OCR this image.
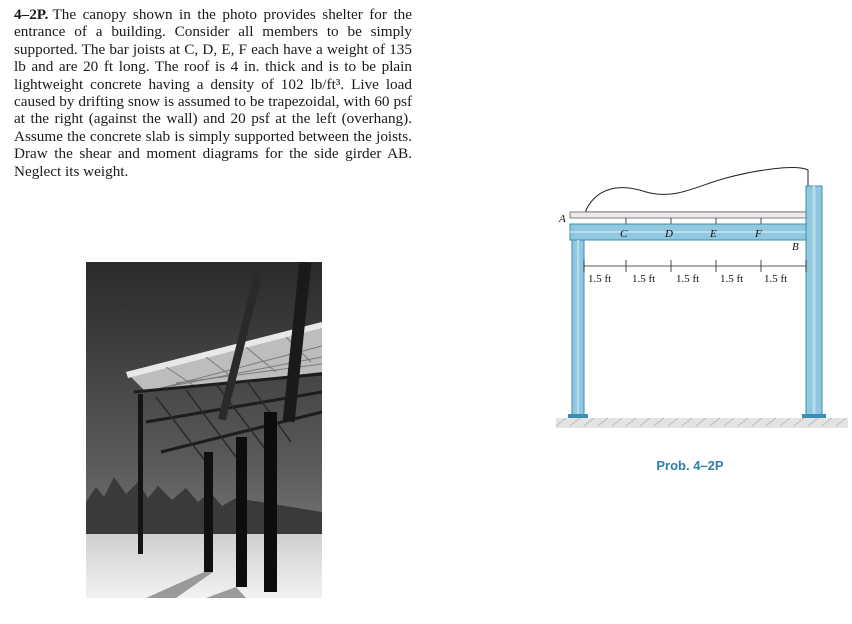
4–2P. The canopy shown in the photo provides shelter for the entrance of a building. Consider all members to be simply supported. The bar joists at C, D, E, F each have a weight of 135 lb and are 20 ft long. The roof is 4 in. thick and is to be plain lightweight concrete having a density of 102 lb/ft³. Live load caused by drifting snow is assumed to be trapezoidal, with 60 psf at the right (against the wall) and 20 psf at the left (overhang). Assume the concrete slab is simply supported between the joists. Draw the shear and moment diagrams for the side girder AB. Neglect its weight.
A
C	D	E	F
B
1.5 ft 1.5 ft 1.5 ft 1.5 ft 1.5 ft
Prob. 4–2P
